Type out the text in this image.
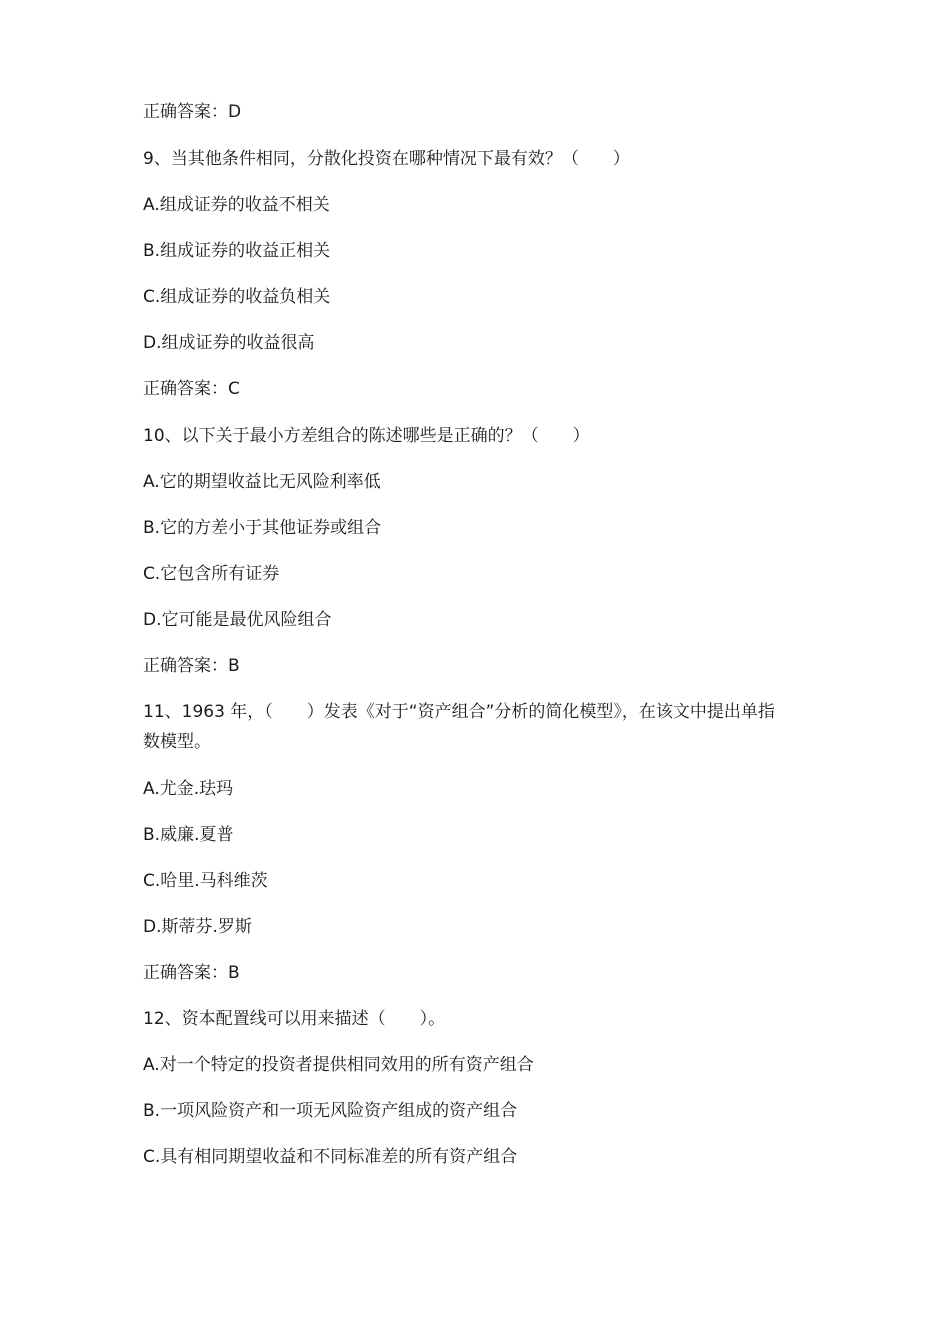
正确答案：D
9、当其他条件相同，分散化投资在哪种情况下最有效？（　　）
A.组成证券的收益不相关
B.组成证券的收益正相关
C.组成证券的收益负相关
D.组成证券的收益很高
正确答案：C
10、以下关于最小方差组合的陈述哪些是正确的？（　　）
A.它的期望收益比无风险利率低
B.它的方差小于其他证券或组合
C.它包含所有证券
D.它可能是最优风险组合
正确答案：B
11、1963 年，（　　）发表《对于“资产组合”分析的简化模型》，在该文中提出单指
数模型。
A.尤金.珐玛
B.威廉.夏普
C.哈里.马科维茨
D.斯蒂芬.罗斯
正确答案：B
12、资本配置线可以用来描述（　　）。
A.对一个特定的投资者提供相同效用的所有资产组合
B.一项风险资产和一项无风险资产组成的资产组合
C.具有相同期望收益和不同标准差的所有资产组合
